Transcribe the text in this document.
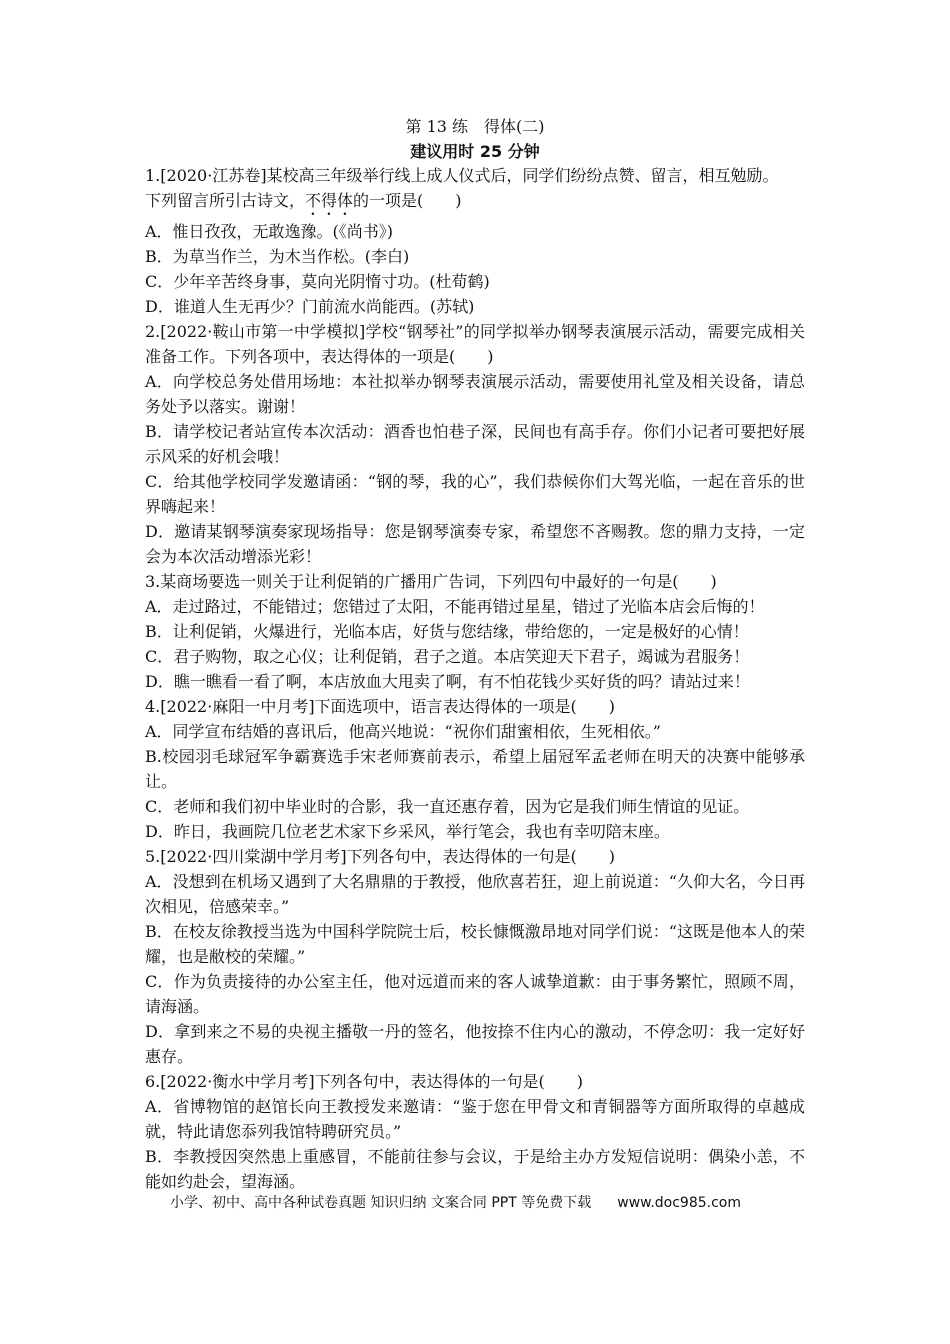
第 13 练　得体(二)
建议用时 25 分钟
1.[2020·江苏卷]某校高三年级举行线上成人仪式后，同学们纷纷点赞、留言，相互勉励。
下列留言所引古诗文，不得体的一项是(　　)
A．惟日孜孜，无敢逸豫。(《尚书》)
B．为草当作兰，为木当作松。(李白)
C．少年辛苦终身事，莫向光阴惰寸功。(杜荀鹤)
D．谁道人生无再少？门前流水尚能西。(苏轼)
2.[2022·鞍山市第一中学模拟]学校“钢琴社”的同学拟举办钢琴表演展示活动，需要完成相关准备工作。下列各项中，表达得体的一项是(　　)
A．向学校总务处借用场地：本社拟举办钢琴表演展示活动，需要使用礼堂及相关设备，请总务处予以落实。谢谢！
B．请学校记者站宣传本次活动：酒香也怕巷子深，民间也有高手存。你们小记者可要把好展示风采的好机会哦！
C．给其他学校同学发邀请函：“钢的琴，我的心”，我们恭候你们大驾光临，一起在音乐的世界嗨起来！
D．邀请某钢琴演奏家现场指导：您是钢琴演奏专家，希望您不吝赐教。您的鼎力支持，一定会为本次活动增添光彩！
3.某商场要选一则关于让利促销的广播用广告词，下列四句中最好的一句是(　　)
A．走过路过，不能错过；您错过了太阳，不能再错过星星，错过了光临本店会后悔的！
B．让利促销，火爆进行，光临本店，好货与您结缘，带给您的，一定是极好的心情！
C．君子购物，取之心仪；让利促销，君子之道。本店笑迎天下君子，竭诚为君服务！
D．瞧一瞧看一看了啊，本店放血大甩卖了啊，有不怕花钱少买好货的吗？请站过来！
4.[2022·麻阳一中月考]下面选项中，语言表达得体的一项是(　　)
A．同学宣布结婚的喜讯后，他高兴地说：“祝你们甜蜜相依，生死相依。”
B.校园羽毛球冠军争霸赛选手宋老师赛前表示，希望上届冠军孟老师在明天的决赛中能够承让。
C．老师和我们初中毕业时的合影，我一直还惠存着，因为它是我们师生情谊的见证。
D．昨日，我画院几位老艺术家下乡采风，举行笔会，我也有幸叨陪末座。
5.[2022·四川棠湖中学月考]下列各句中，表达得体的一句是(　　)
A．没想到在机场又遇到了大名鼎鼎的于教授，他欣喜若狂，迎上前说道：“久仰大名，今日再次相见，倍感荣幸。”
B．在校友徐教授当选为中国科学院院士后，校长慷慨激昂地对同学们说：“这既是他本人的荣耀，也是敝校的荣耀。”
C．作为负责接待的办公室主任，他对远道而来的客人诚挚道歉：由于事务繁忙，照顾不周，请海涵。
D．拿到来之不易的央视主播敬一丹的签名，他按捺不住内心的激动，不停念叨：我一定好好惠存。
6.[2022·衡水中学月考]下列各句中，表达得体的一句是(　　)
A．省博物馆的赵馆长向王教授发来邀请：“鉴于您在甲骨文和青铜器等方面所取得的卓越成就，特此请您忝列我馆特聘研究员。”
B．李教授因突然患上重感冒，不能前往参与会议，于是给主办方发短信说明：偶染小恙，不能如约赴会，望海涵。
小学、初中、高中各种试卷真题 知识归纳 文案合同 PPT 等免费下载 www.doc985.com
